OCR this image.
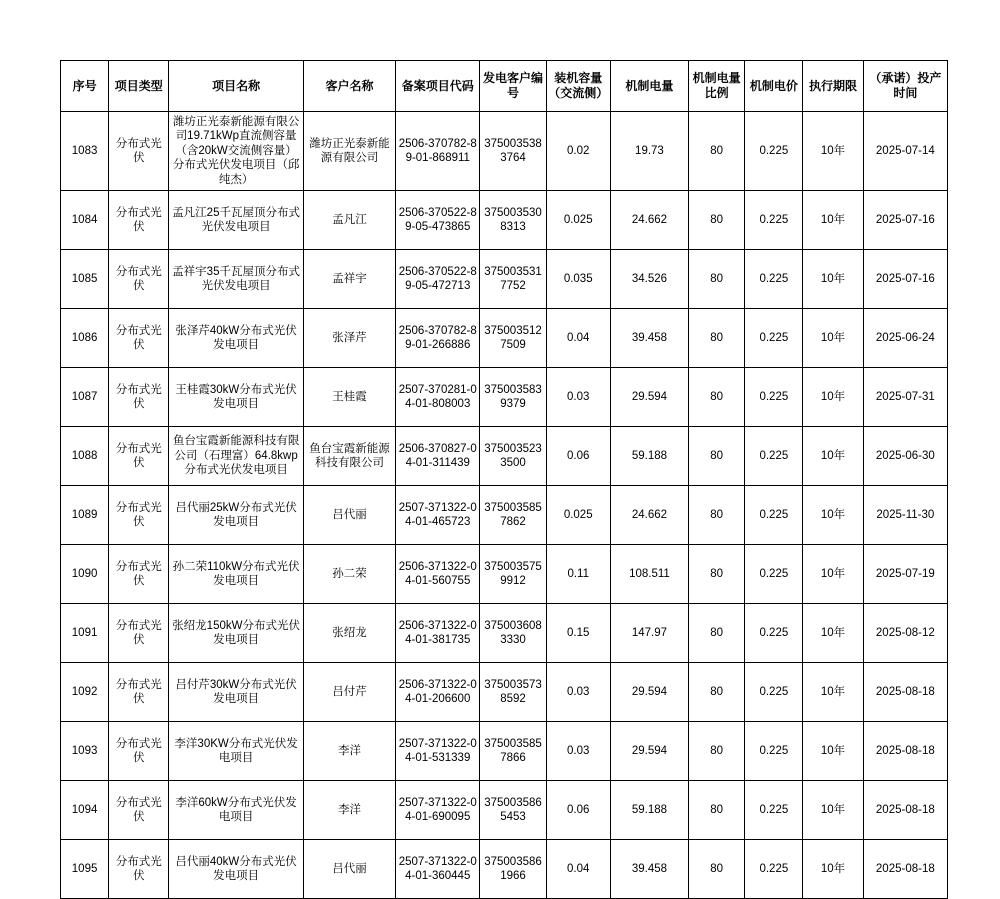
序号	项目类型	项目名称	客户名称	备案项目代码	发电客户编号	装机容量（交流侧）	机制电量	机制电量比例	机制电价	执行期限	（承诺）投产时间
1083	分布式光伏	潍坊正光泰新能源有限公司19.71kWp直流侧容量（含20kW交流侧容量）分布式光伏发电项目（邱纯杰）	潍坊正光泰新能源有限公司	2506-370782-89-01-868911	3750035383764	0.02	19.73	80	0.225	10年	2025-07-14
1084	分布式光伏	孟凡江25千瓦屋顶分布式光伏发电项目	孟凡江	2506-370522-89-05-473865	3750035308313	0.025	24.662	80	0.225	10年	2025-07-16
1085	分布式光伏	孟祥宇35千瓦屋顶分布式光伏发电项目	孟祥宇	2506-370522-89-05-472713	3750035317752	0.035	34.526	80	0.225	10年	2025-07-16
1086	分布式光伏	张泽芹40kW分布式光伏发电项目	张泽芹	2506-370782-89-01-266886	3750035127509	0.04	39.458	80	0.225	10年	2025-06-24
1087	分布式光伏	王桂霞30kW分布式光伏发电项目	王桂霞	2507-370281-04-01-808003	3750035839379	0.03	29.594	80	0.225	10年	2025-07-31
1088	分布式光伏	鱼台宝霞新能源科技有限公司（石理富）64.8kwp分布式光伏发电项目	鱼台宝霞新能源科技有限公司	2506-370827-04-01-311439	3750035233500	0.06	59.188	80	0.225	10年	2025-06-30
1089	分布式光伏	吕代丽25kW分布式光伏发电项目	吕代丽	2507-371322-04-01-465723	3750035857862	0.025	24.662	80	0.225	10年	2025-11-30
1090	分布式光伏	孙二荣110kW分布式光伏发电项目	孙二荣	2506-371322-04-01-560755	3750035759912	0.11	108.511	80	0.225	10年	2025-07-19
1091	分布式光伏	张绍龙150kW分布式光伏发电项目	张绍龙	2506-371322-04-01-381735	3750036083330	0.15	147.97	80	0.225	10年	2025-08-12
1092	分布式光伏	吕付芹30kW分布式光伏发电项目	吕付芹	2506-371322-04-01-206600	3750035738592	0.03	29.594	80	0.225	10年	2025-08-18
1093	分布式光伏	李洋30KW分布式光伏发电项目	李洋	2507-371322-04-01-531339	3750035857866	0.03	29.594	80	0.225	10年	2025-08-18
1094	分布式光伏	李洋60kW分布式光伏发电项目	李洋	2507-371322-04-01-690095	3750035865453	0.06	59.188	80	0.225	10年	2025-08-18
1095	分布式光伏	吕代丽40kW分布式光伏发电项目	吕代丽	2507-371322-04-01-360445	3750035861966	0.04	39.458	80	0.225	10年	2025-08-18
